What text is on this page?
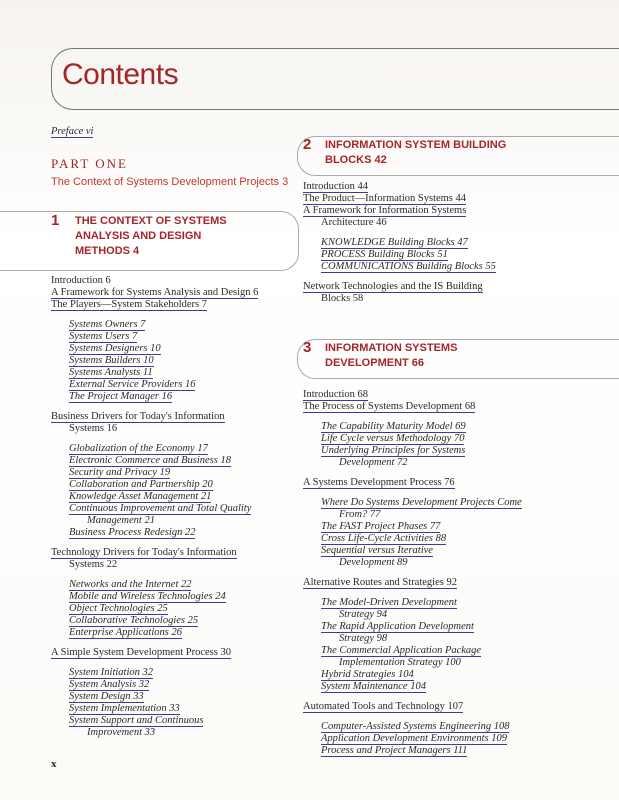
Contents
Preface vi
PART ONE
The Context of Systems Development Projects 3
1 THE CONTEXT OF SYSTEMS
ANALYSIS AND DESIGN
METHODS 4
Introduction 6
A Framework for Systems Analysis and Design 6
The Players—System Stakeholders 7
Systems Owners 7
Systems Users 7
Systems Designers 10
Systems Builders 10
Systems Analysts 11
External Service Providers 16
The Project Manager 16
Business Drivers for Today's Information
Systems 16
Globalization of the Economy 17
Electronic Commerce and Business 18
Security and Privacy 19
Collaboration and Partnership 20
Knowledge Asset Management 21
Continuous Improvement and Total Quality
Management 21
Business Process Redesign 22
Technology Drivers for Today's Information
Systems 22
Networks and the Internet 22
Mobile and Wireless Technologies 24
Object Technologies 25
Collaborative Technologies 25
Enterprise Applications 26
A Simple System Development Process 30
System Initiation 32
System Analysis 32
System Design 33
System Implementation 33
System Support and Continuous
Improvement 33
2 INFORMATION SYSTEM BUILDING
BLOCKS 42
Introduction 44
The Product—Information Systems 44
A Framework for Information Systems
Architecture 46
KNOWLEDGE Building Blocks 47
PROCESS Building Blocks 51
COMMUNICATIONS Building Blocks 55
Network Technologies and the IS Building
Blocks 58
3 INFORMATION SYSTEMS
DEVELOPMENT 66
Introduction 68
The Process of Systems Development 68
The Capability Maturity Model 69
Life Cycle versus Methodology 70
Underlying Principles for Systems
Development 72
A Systems Development Process 76
Where Do Systems Development Projects Come
From? 77
The FAST Project Phases 77
Cross Life-Cycle Activities 88
Sequential versus Iterative
Development 89
Alternative Routes and Strategies 92
The Model-Driven Development
Strategy 94
The Rapid Application Development
Strategy 98
The Commercial Application Package
Implementation Strategy 100
Hybrid Strategies 104
System Maintenance 104
Automated Tools and Technology 107
Computer-Assisted Systems Engineering 108
Application Development Environments 109
Process and Project Managers 111
x
